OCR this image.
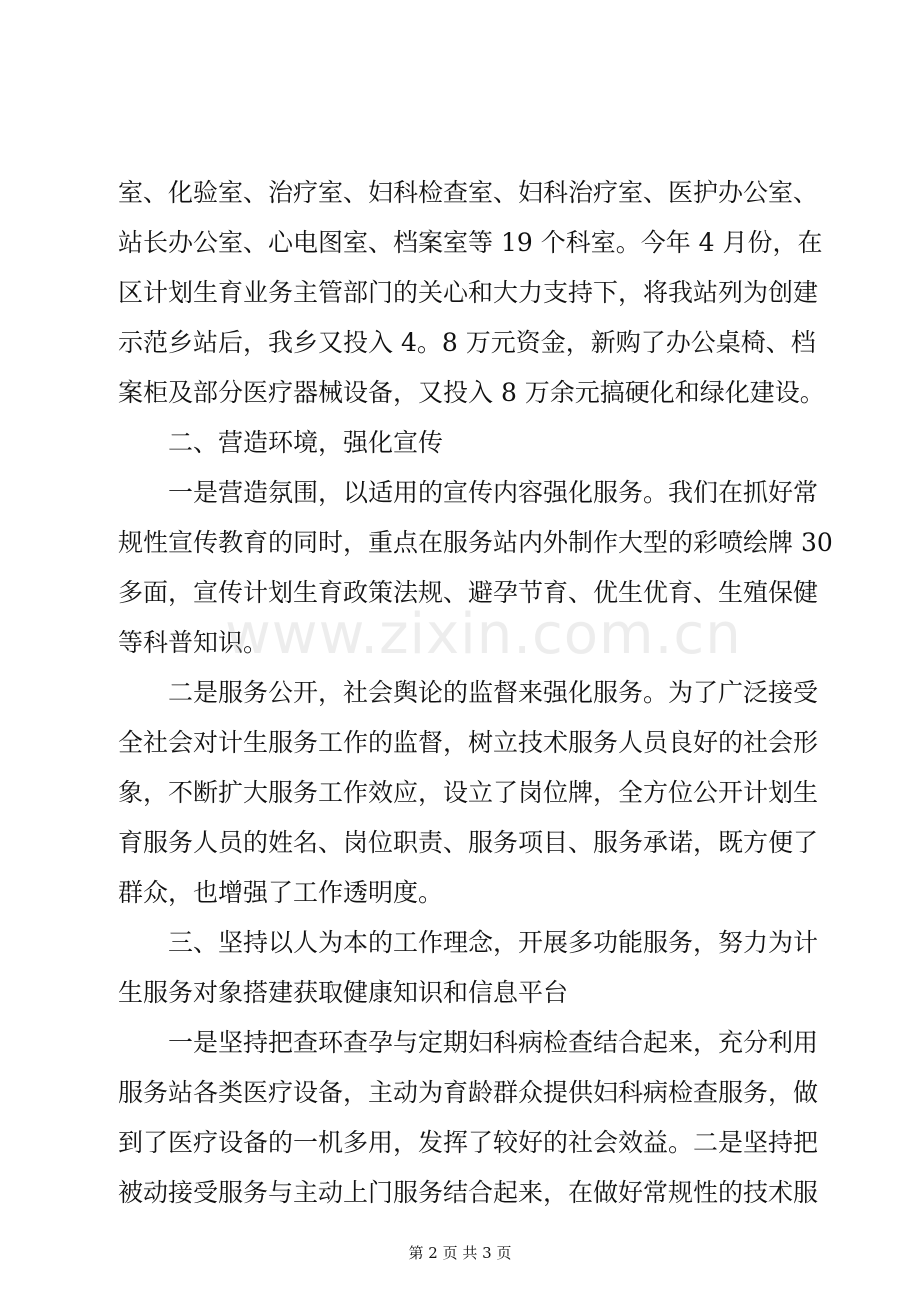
室、化验室、治疗室、妇科检查室、妇科治疗室、医护办公室、
站长办公室、心电图室、档案室等 19 个科室。今年 4 月份，在
区计划生育业务主管部门的关心和大力支持下，将我站列为创建
示范乡站后，我乡又投入 4。8 万元资金，新购了办公桌椅、档
案柜及部分医疗器械设备，又投入 8 万余元搞硬化和绿化建设。
二、营造环境，强化宣传
一是营造氛围，以适用的宣传内容强化服务。我们在抓好常
规性宣传教育的同时，重点在服务站内外制作大型的彩喷绘牌 30
多面，宣传计划生育政策法规、避孕节育、优生优育、生殖保健
等科普知识。
二是服务公开，社会舆论的监督来强化服务。为了广泛接受
全社会对计生服务工作的监督，树立技术服务人员良好的社会形
象，不断扩大服务工作效应，设立了岗位牌，全方位公开计划生
育服务人员的姓名、岗位职责、服务项目、服务承诺，既方便了
群众，也增强了工作透明度。
三、坚持以人为本的工作理念，开展多功能服务，努力为计
生服务对象搭建获取健康知识和信息平台
一是坚持把查环查孕与定期妇科病检查结合起来，充分利用
服务站各类医疗设备，主动为育龄群众提供妇科病检查服务，做
到了医疗设备的一机多用，发挥了较好的社会效益。二是坚持把
被动接受服务与主动上门服务结合起来，在做好常规性的技术服
www.zixin.com.cn
第 2 页 共 3 页
